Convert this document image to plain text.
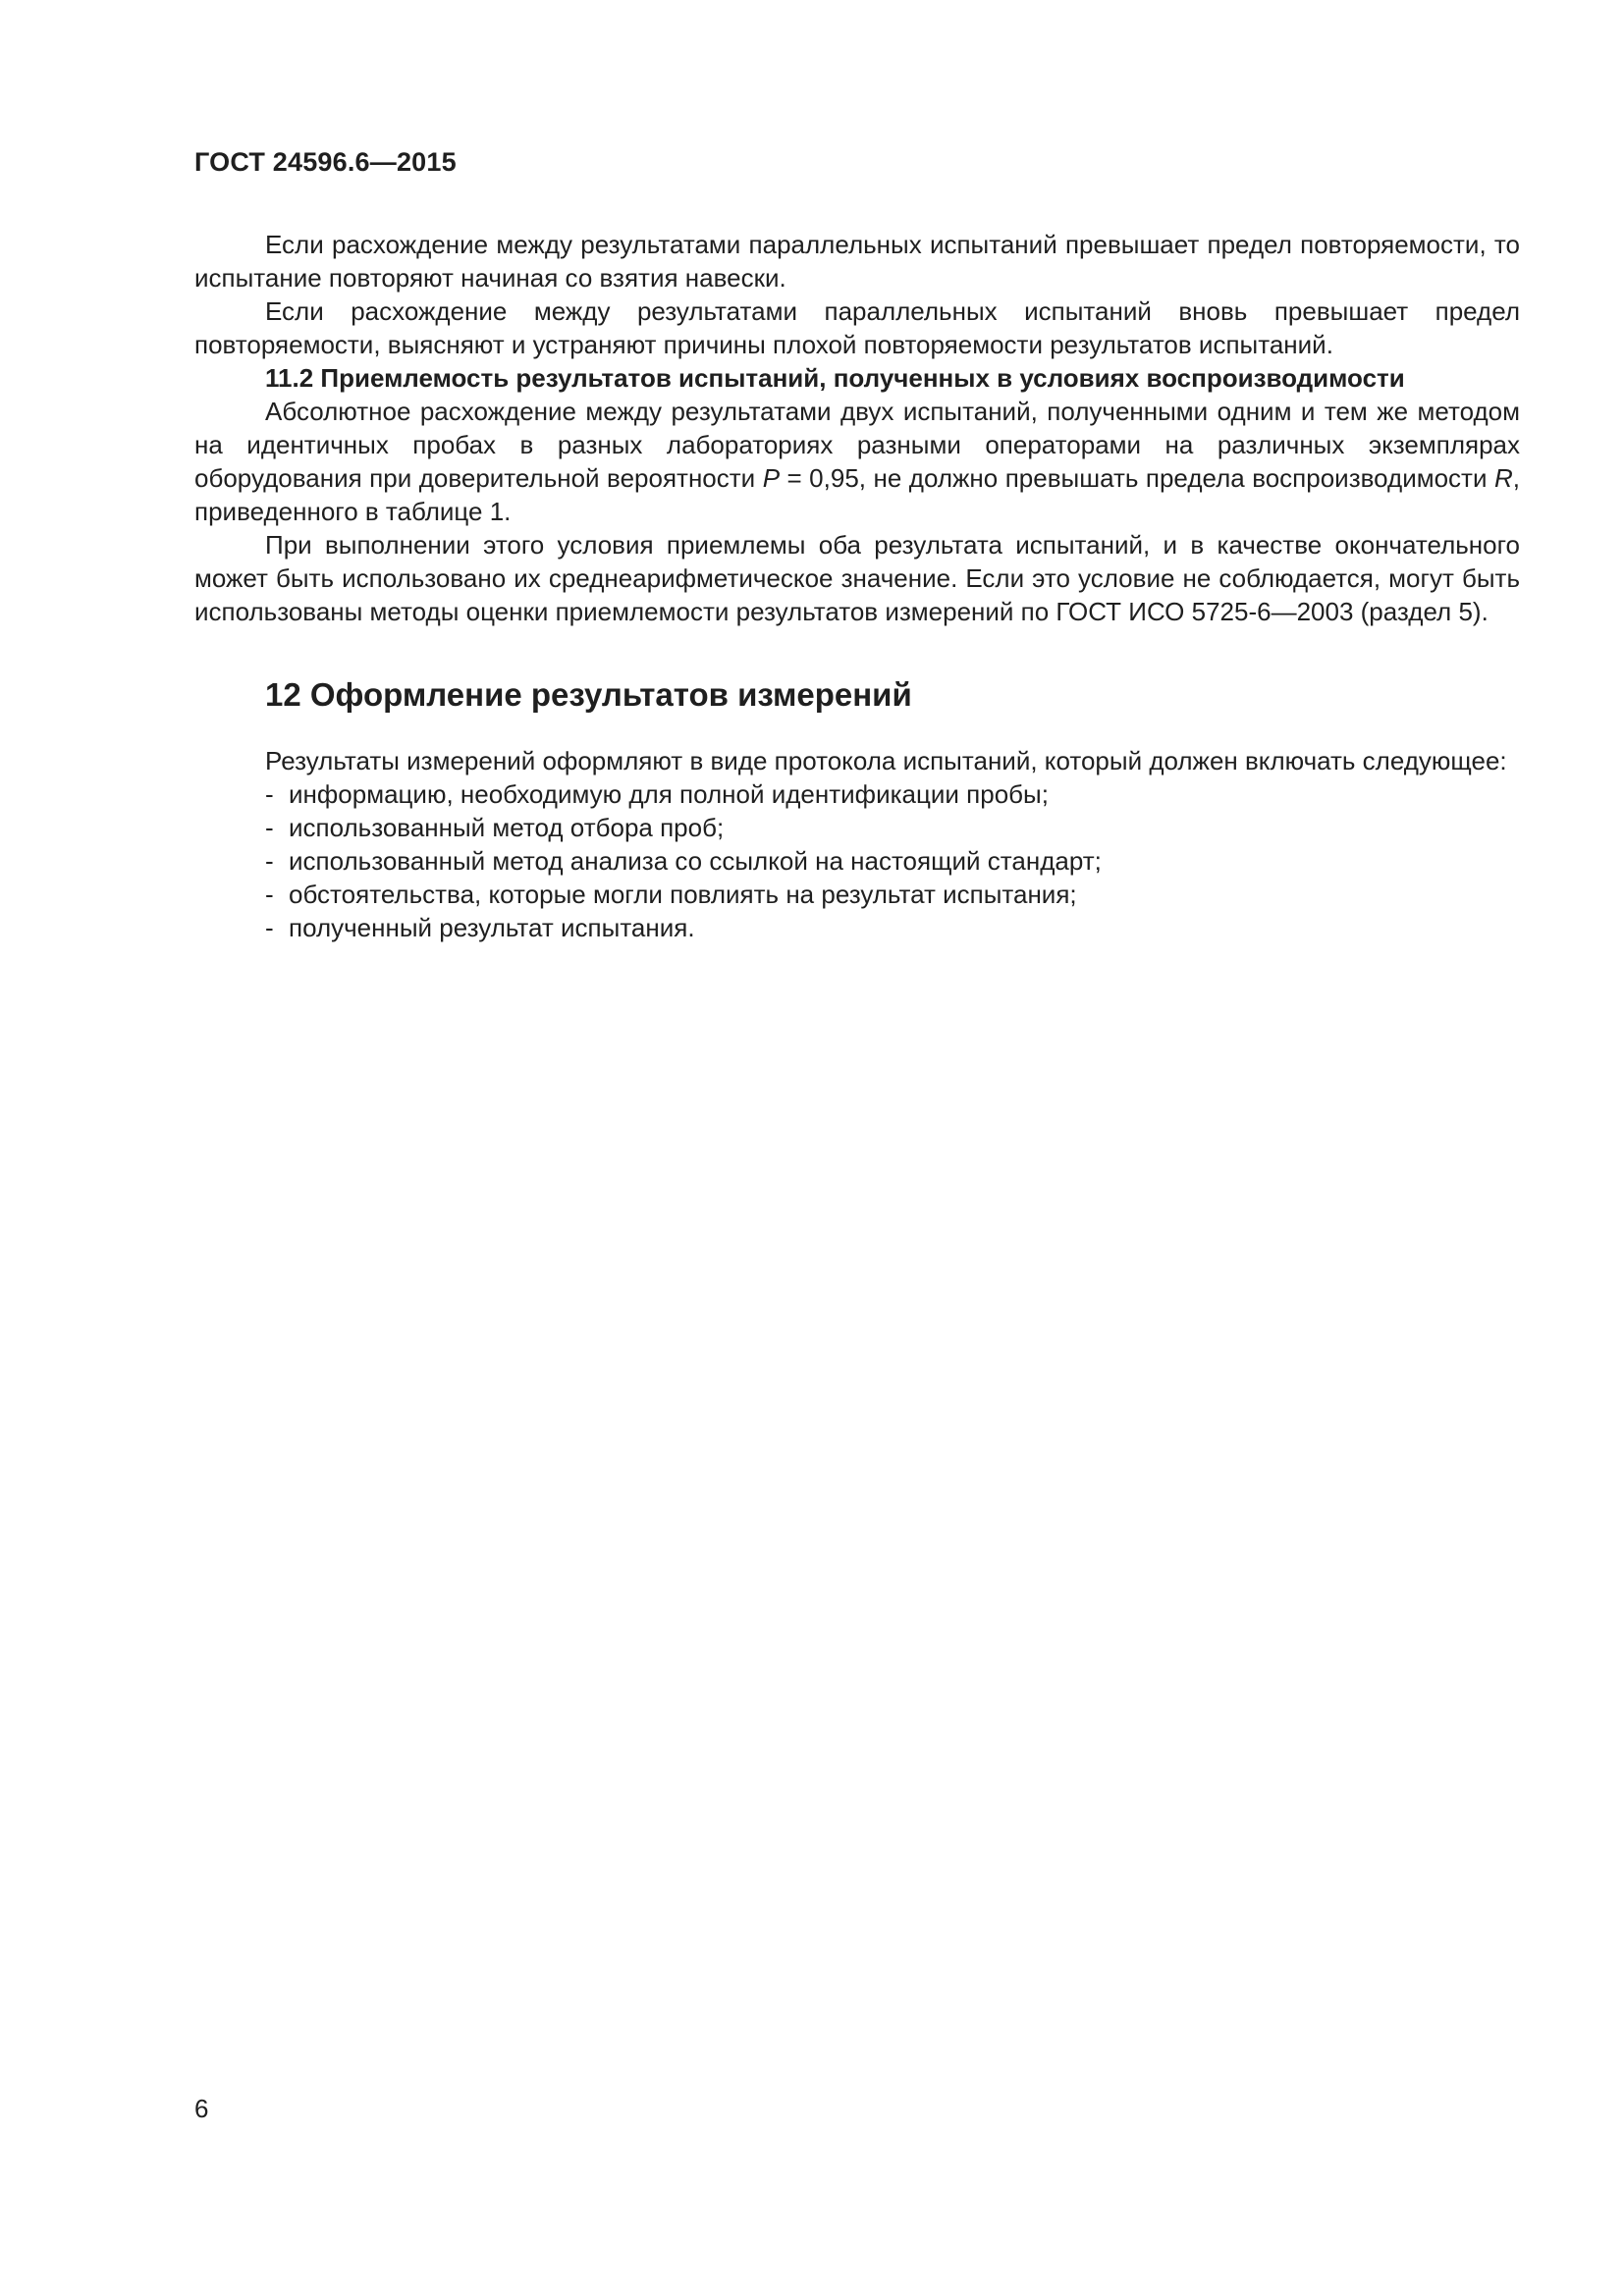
ГОСТ 24596.6—2015

Если расхождение между результатами параллельных испытаний превышает предел повторяемости, то испытание повторяют начиная со взятия навески.

Если расхождение между результатами параллельных испытаний вновь превышает предел повторяемости, выясняют и устраняют причины плохой повторяемости результатов испытаний.

11.2 Приемлемость результатов испытаний, полученных в условиях воспроизводимости

Абсолютное расхождение между результатами двух испытаний, полученными одним и тем же методом на идентичных пробах в разных лабораториях разными операторами на различных экземплярах оборудования при доверительной вероятности P = 0,95, не должно превышать предела воспроизводимости R, приведенного в таблице 1.

При выполнении этого условия приемлемы оба результата испытаний, и в качестве окончательного может быть использовано их среднеарифметическое значение. Если это условие не соблюдается, могут быть использованы методы оценки приемлемости результатов измерений по ГОСТ ИСО 5725-6—2003 (раздел 5).

12 Оформление результатов измерений

Результаты измерений оформляют в виде протокола испытаний, который должен включать следующее:

- информацию, необходимую для полной идентификации пробы;
- использованный метод отбора проб;
- использованный метод анализа со ссылкой на настоящий стандарт;
- обстоятельства, которые могли повлиять на результат испытания;
- полученный результат испытания.
6
